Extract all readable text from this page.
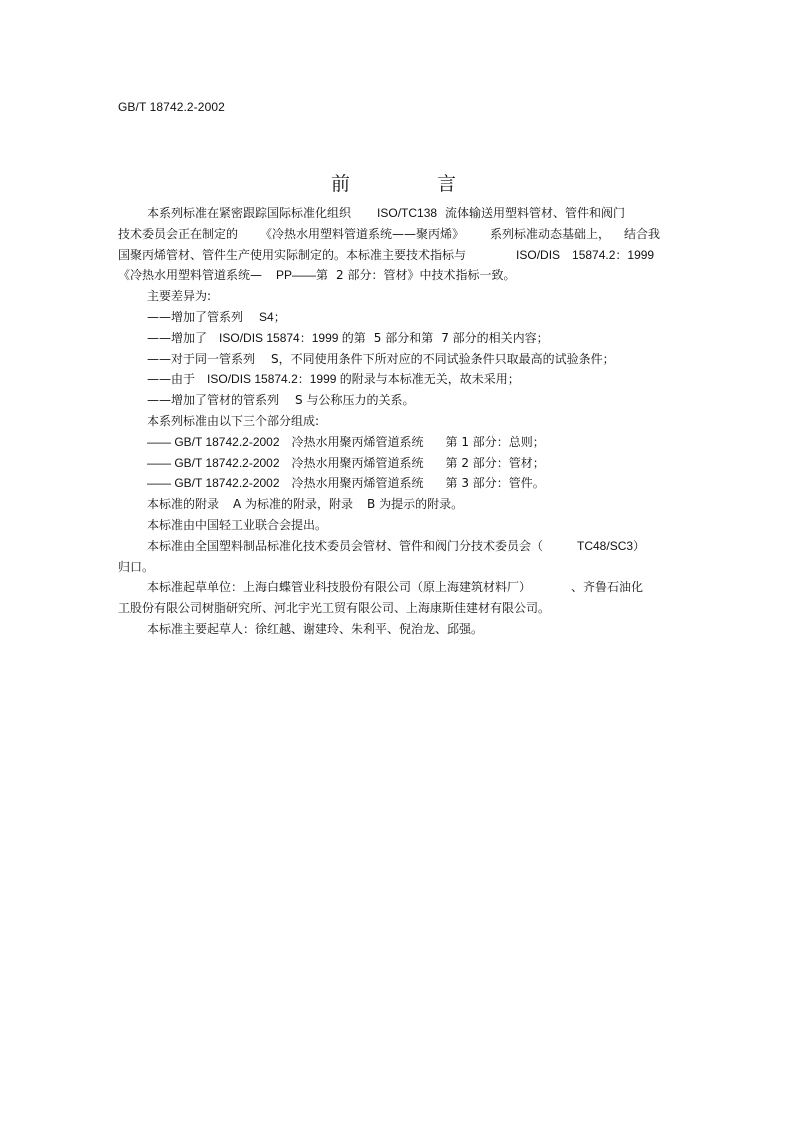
GB/T 18742.2-2002
前	言
本系列标准在紧密跟踪国际标准化组织 ISO/TC138 流体输送用塑料管材、管件和阀门
技术委员会正在制定的 《冷热水用塑料管道系统——聚丙烯》 系列标准动态基础上， 结合我
国聚丙烯管材、管件生产使用实际制定的。本标准主要技术指标与	ISO/DIS 15874.2：1999
《冷热水用塑料管道系统— PP——第 2 部分：管材》中技术指标一致。
主要差异为:
——增加了管系列 S4；
——增加了 ISO/DIS 15874：1999 的第 5 部分和第 7 部分的相关内容；
——对于同一管系列 S，不同使用条件下所对应的不同试验条件只取最高的试验条件；
——由于 ISO/DIS 15874.2：1999 的附录与本标准无关，故未采用；
——增加了管材的管系列 S 与公称压力的关系。
本系列标准由以下三个部分组成:
—— GB/T 18742.2-2002 冷热水用聚丙烯管道系统 第 1 部分：总则；
—— GB/T 18742.2-2002 冷热水用聚丙烯管道系统 第 2 部分：管材；
—— GB/T 18742.2-2002 冷热水用聚丙烯管道系统 第 3 部分：管件。
本标准的附录 A 为标准的附录，附录 B 为提示的附录。
本标准由中国轻工业联合会提出。
本标准由全国塑料制品标准化技术委员会管材、管件和阀门分技术委员会（	TC48/SC3）
归口。
本标准起草单位：上海白蝶管业科技股份有限公司（原上海建筑材料厂）	、齐鲁石油化
工股份有限公司树脂研究所、河北宇光工贸有限公司、上海康斯佳建材有限公司。
本标准主要起草人：徐红越、谢建玲、朱利平、倪治龙、邱强。
